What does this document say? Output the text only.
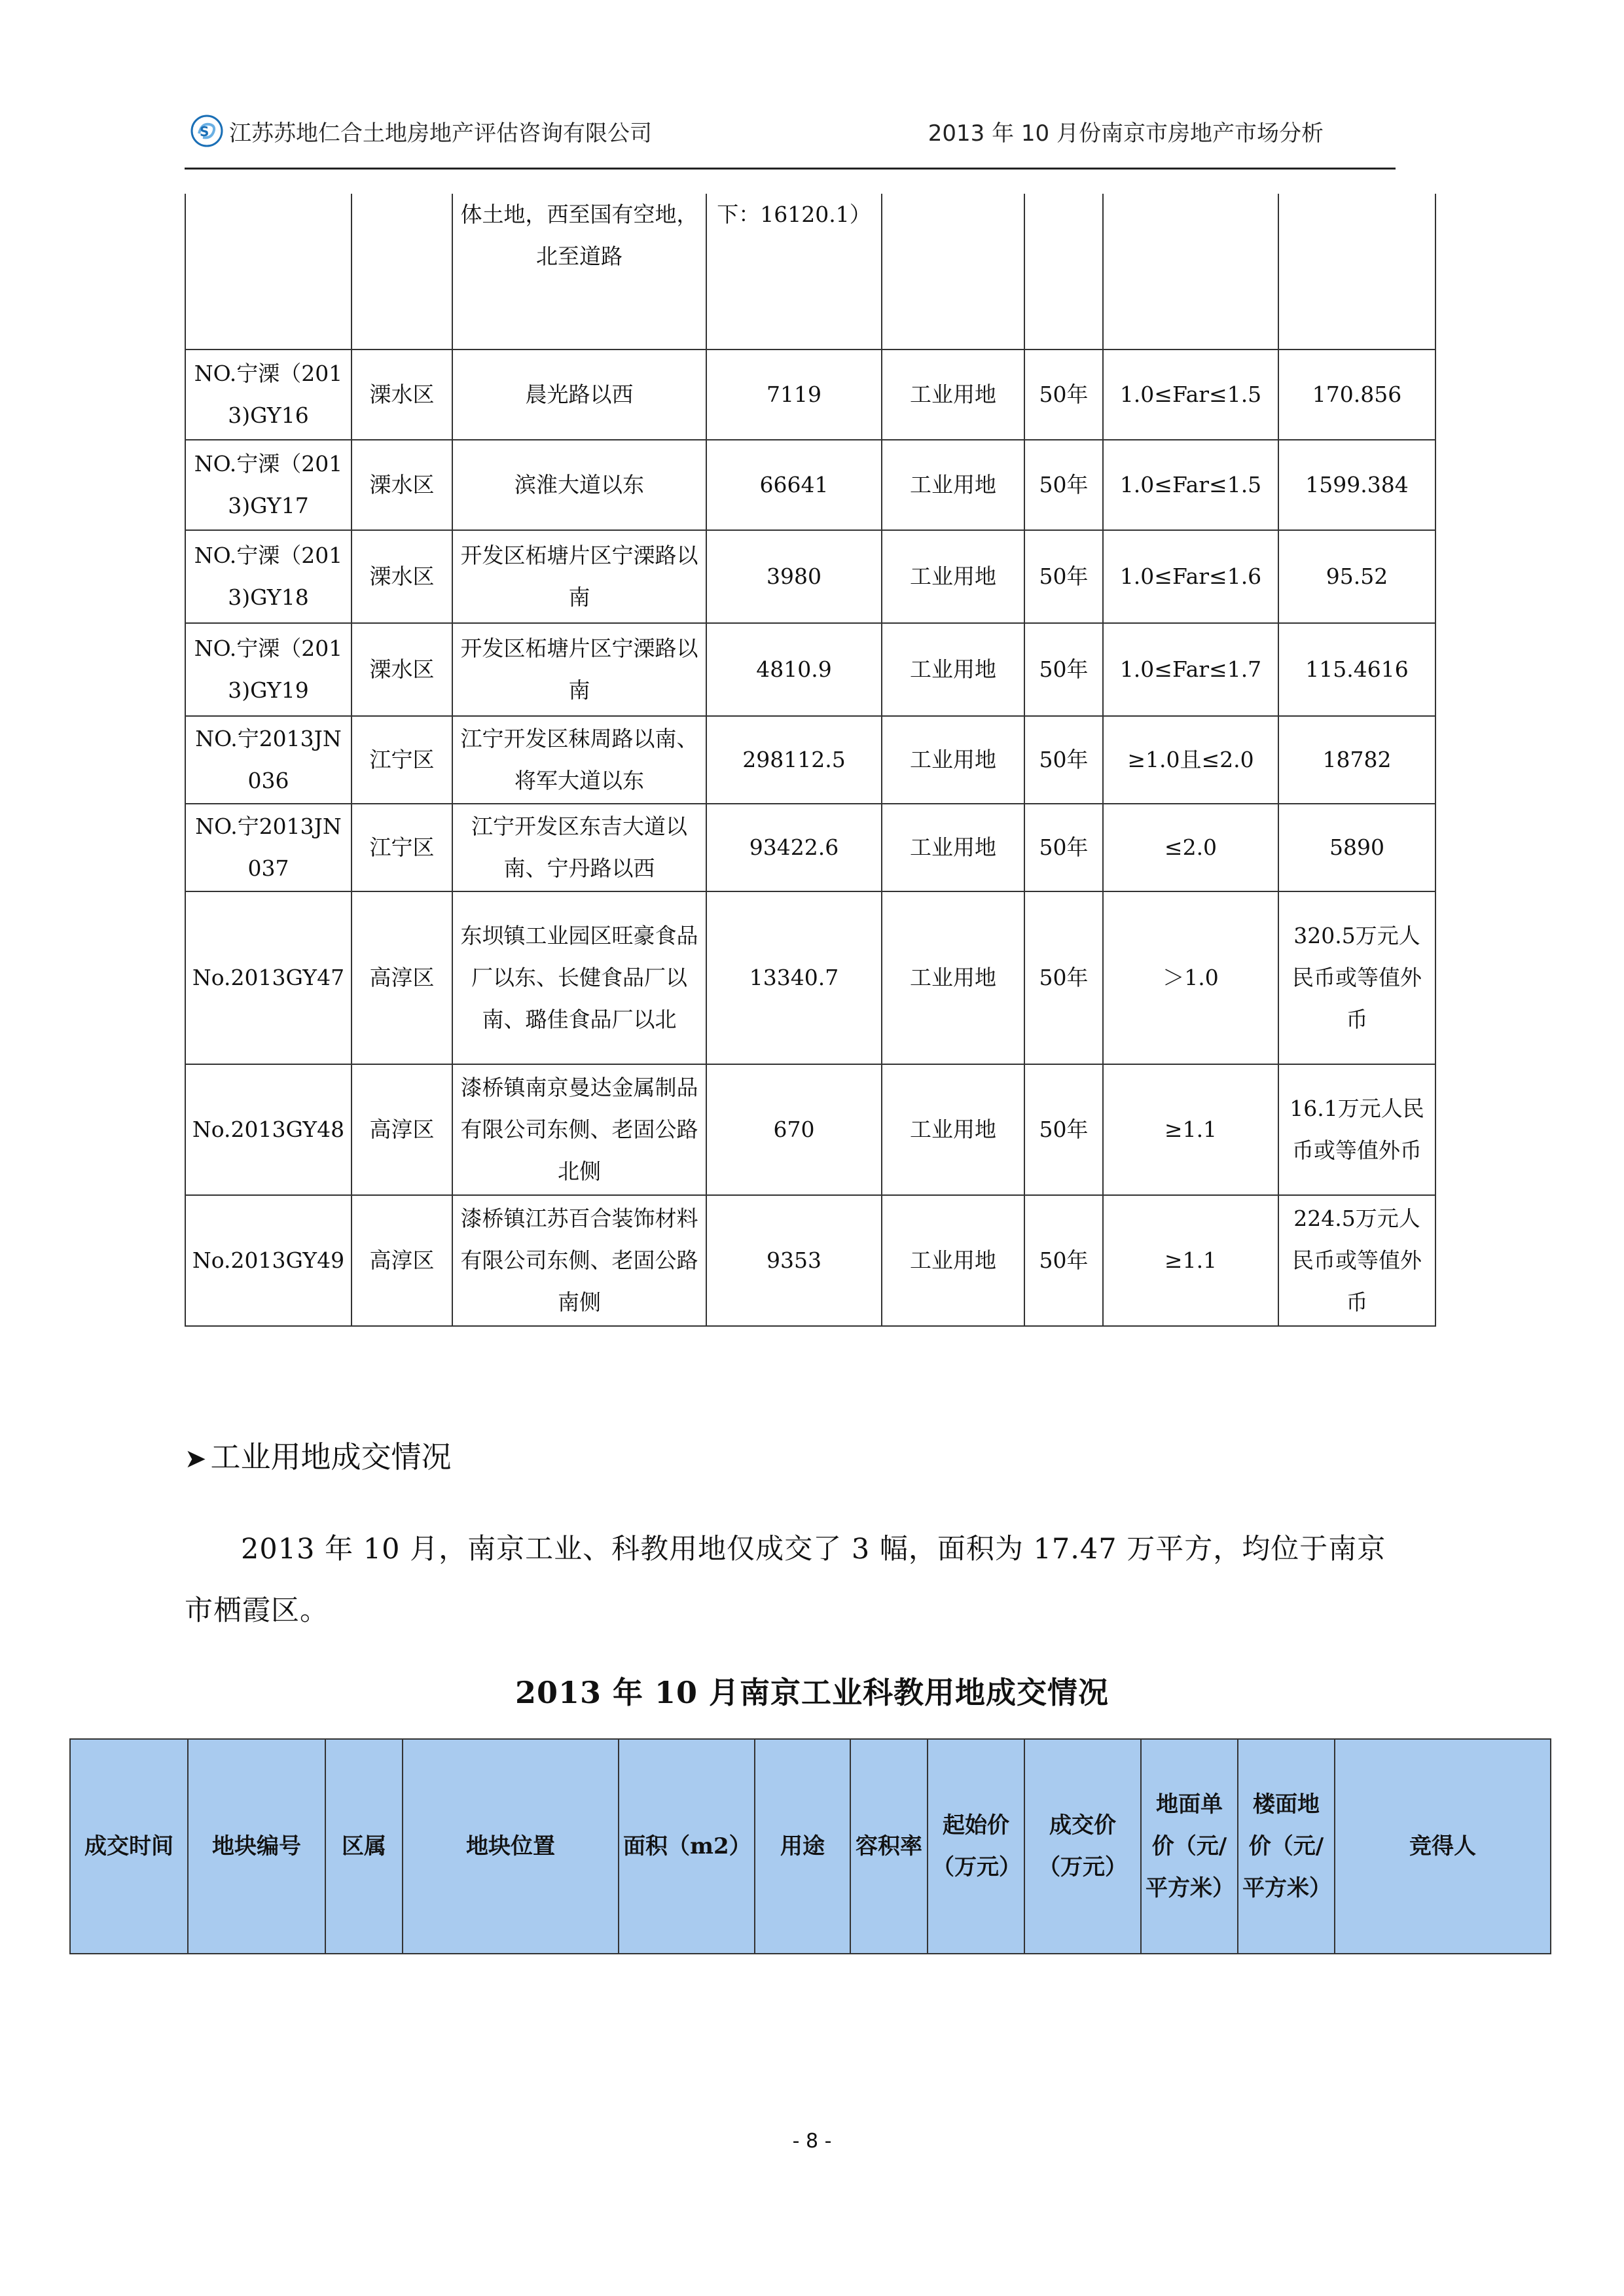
S 江苏苏地仁合土地房地产评估咨询有限公司	2013 年 10 月份南京市房地产市场分析
		体土地，西至国有空地，北至道路	下：16120.1）				
NO.宁溧（2013)GY16	溧水区	晨光路以西	7119	工业用地	50年	1.0≤Far≤1.5	170.856
NO.宁溧（2013)GY17	溧水区	滨淮大道以东	66641	工业用地	50年	1.0≤Far≤1.5	1599.384
NO.宁溧（2013)GY18	溧水区	开发区柘塘片区宁溧路以南	3980	工业用地	50年	1.0≤Far≤1.6	95.52
NO.宁溧（2013)GY19	溧水区	开发区柘塘片区宁溧路以南	4810.9	工业用地	50年	1.0≤Far≤1.7	115.4616
NO.宁2013JN036	江宁区	江宁开发区秣周路以南、将军大道以东	298112.5	工业用地	50年	≥1.0且≤2.0	18782
NO.宁2013JN037	江宁区	江宁开发区东吉大道以南、宁丹路以西	93422.6	工业用地	50年	≤2.0	5890
No.2013GY47	高淳区	东坝镇工业园区旺豪食品厂以东、长健食品厂以南、璐佳食品厂以北	13340.7	工业用地	50年	＞1.0	320.5万元人民币或等值外币
No.2013GY48	高淳区	漆桥镇南京曼达金属制品有限公司东侧、老固公路北侧	670	工业用地	50年	≥1.1	16.1万元人民币或等值外币
No.2013GY49	高淳区	漆桥镇江苏百合装饰材料有限公司东侧、老固公路南侧	9353	工业用地	50年	≥1.1	224.5万元人民币或等值外币
➤ 工业用地成交情况
2013 年 10 月，南京工业、科教用地仅成交了 3 幅，面积为 17.47 万平方，均位于南京市栖霞区。
2013 年 10 月南京工业科教用地成交情况
成交时间	地块编号	区属	地块位置	面积（m2）	用途	容积率	起始价（万元）	成交价（万元）	地面单价（元/平方米）	楼面地价（元/平方米）	竞得人
- 8 -
